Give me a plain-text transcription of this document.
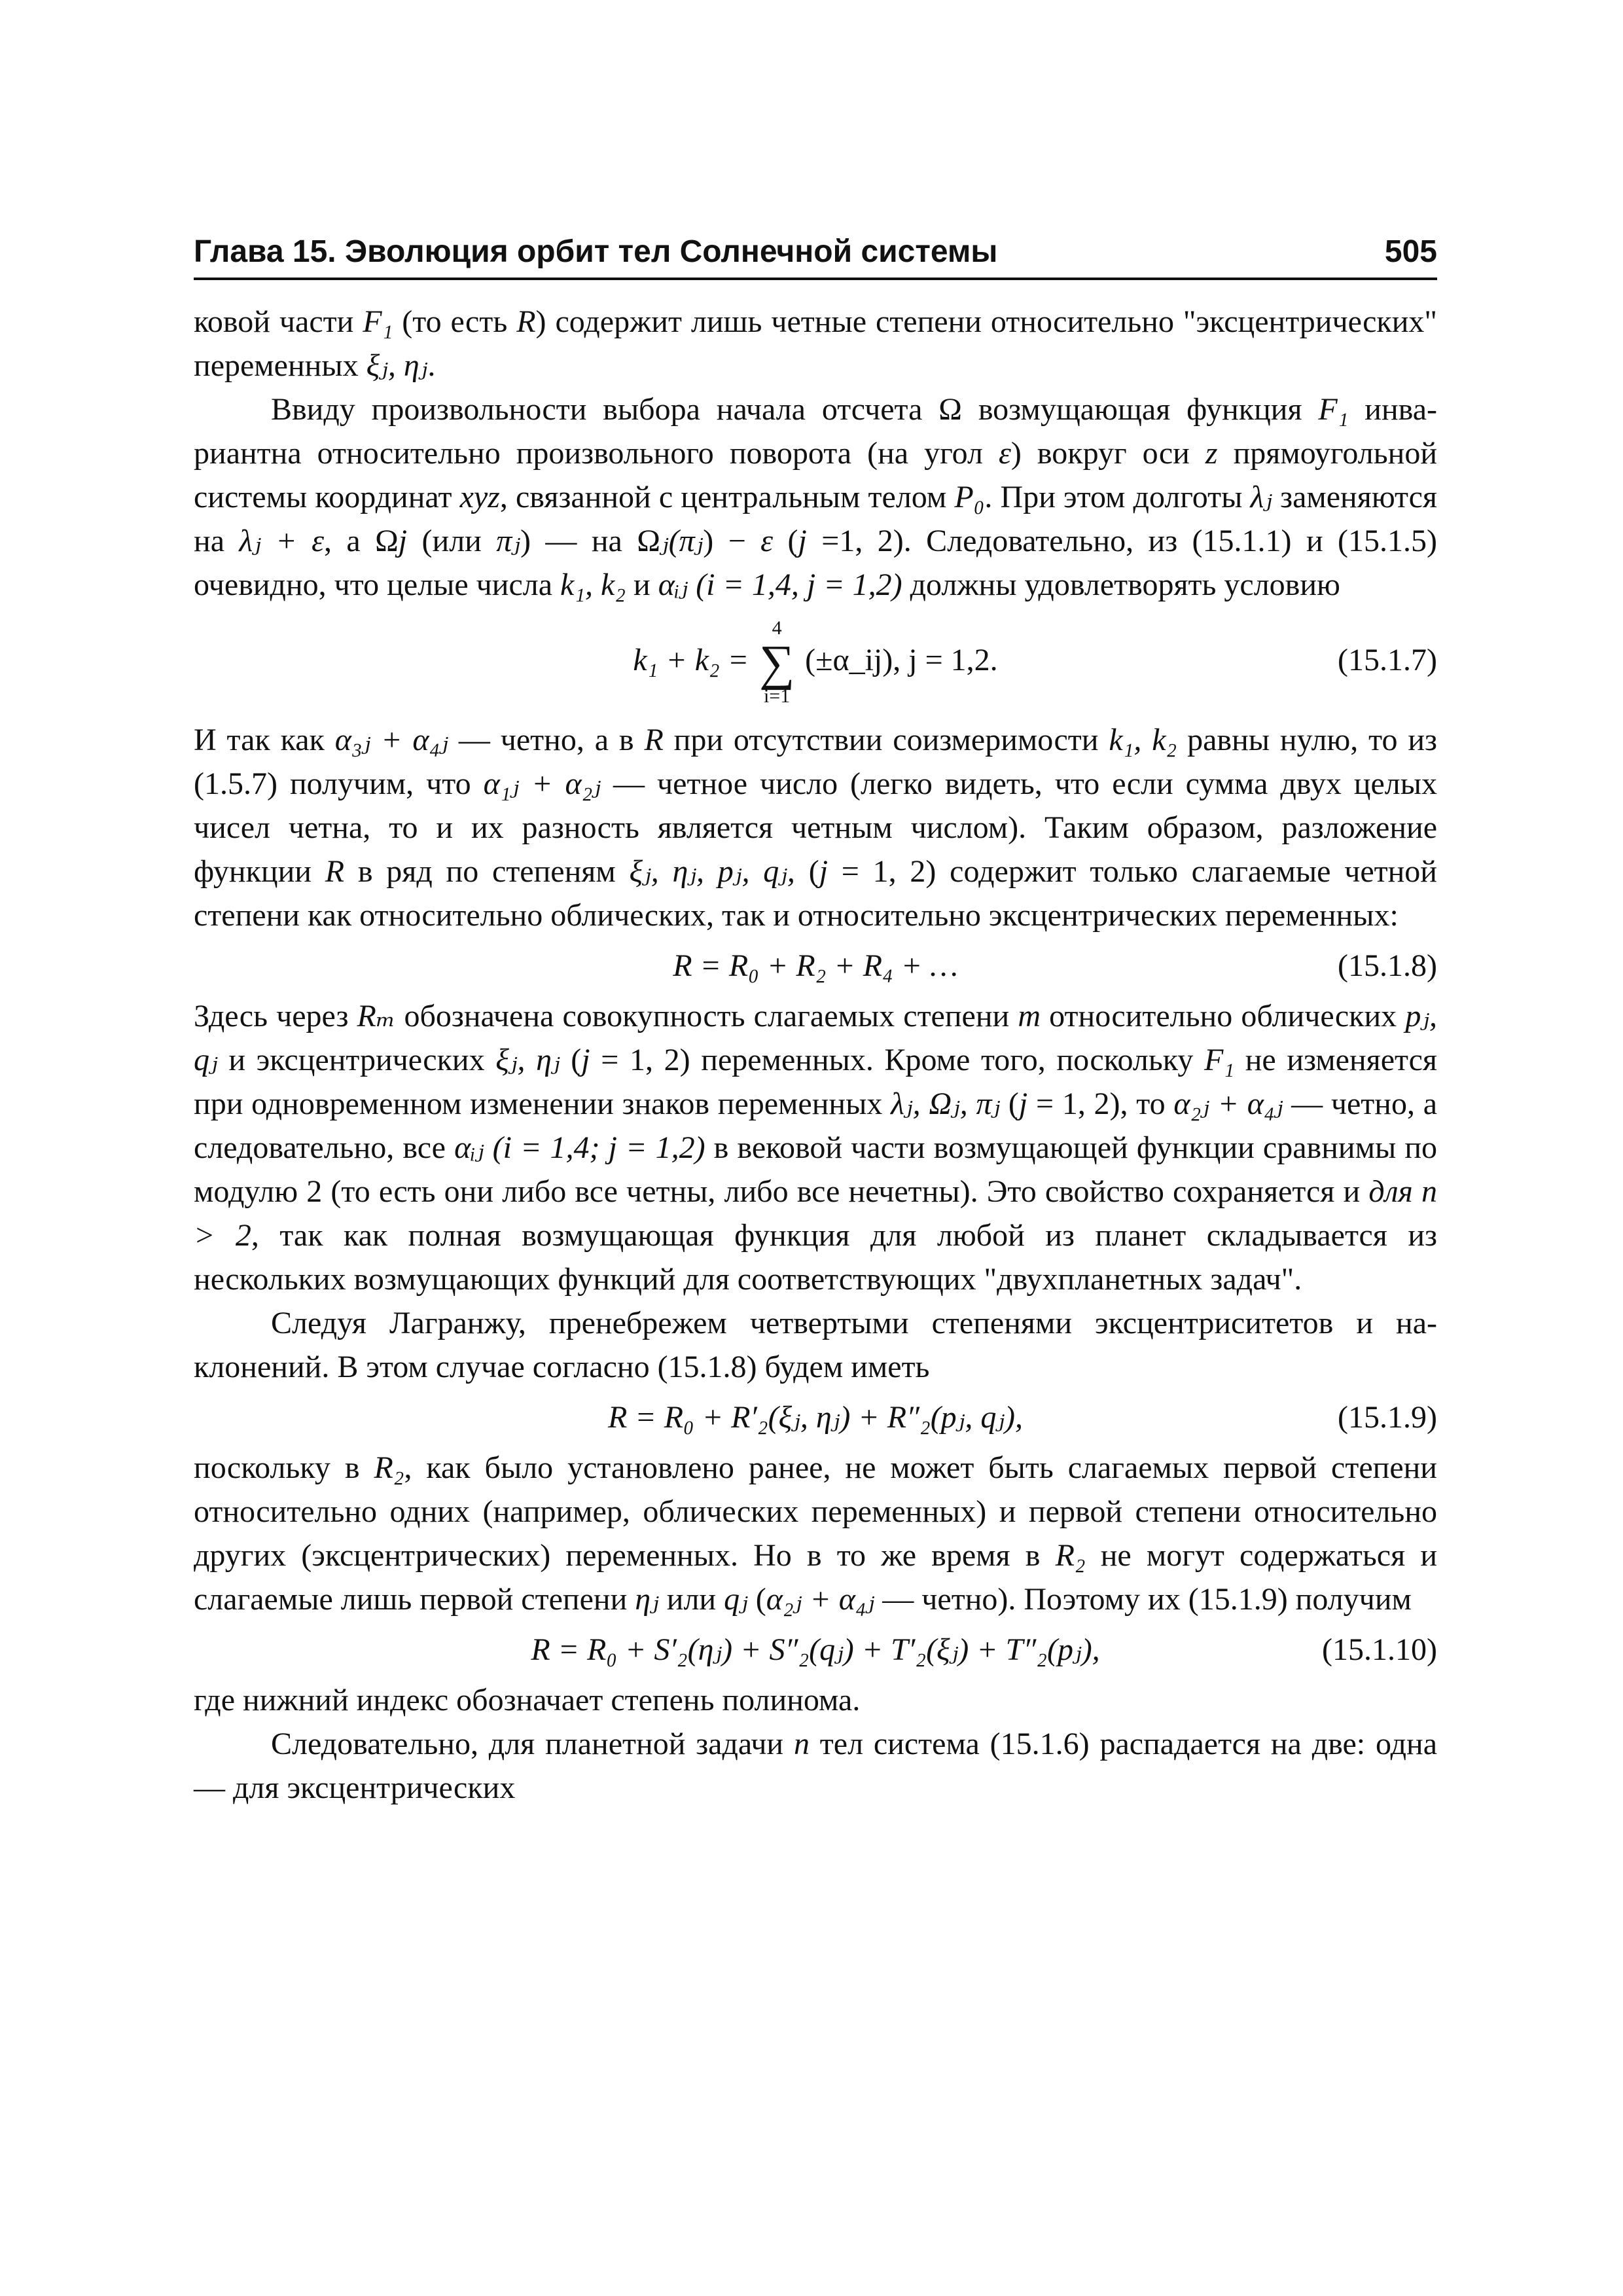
Глава 15. Эволюция орбит тел Солнечной системы	505

ковой части F₁ (то есть R) содержит лишь четные степени относительно "эксцентрических" переменных ξⱼ, ηⱼ.

Ввиду произвольности выбора начала отсчета Ω возмущающая функция F₁ инвариантна относительно произвольного поворота (на угол ε) вокруг оси z прямоугольной системы координат xyz, связанной с центральным телом P₀. При этом долготы λⱼ заменяются на λⱼ + ε, а Ωj (или πⱼ) — на Ωⱼ(πⱼ) − ε (j =1, 2). Следовательно, из (15.1.1) и (15.1.5) очевидно, что целые числа k₁, k₂ и αᵢⱼ (i = 1,4, j = 1,2) должны удовлетворять условию

k₁ + k₂ =
4
∑
i=1
(±α_ij), j = 1,2.	(15.1.7)

И так как α₃ⱼ + α₄ⱼ — четно, а в R при отсутствии соизмеримости k₁, k₂ равны нулю, то из (1.5.7) получим, что α₁ⱼ + α₂ⱼ — четное число (легко видеть, что если сумма двух целых чисел четна, то и их разность является четным числом). Таким образом, разложение функции R в ряд по степеням ξⱼ, ηⱼ, pⱼ, qⱼ, (j = 1, 2) содержит только слагаемые четной степени как относительно облических, так и относительно эксцентрических переменных:

R = R₀ + R₂ + R₄ + …	(15.1.8)

Здесь через Rₘ обозначена совокупность слагаемых степени m относительно облических pⱼ, qⱼ и эксцентрических ξⱼ, ηⱼ (j = 1, 2) переменных. Кроме того, поскольку F₁ не изменяется при одновременном изменении знаков переменных λⱼ, Ωⱼ, πⱼ (j = 1, 2), то α₂ⱼ + α₄ⱼ — четно, а следовательно, все αᵢⱼ (i = 1,4; j = 1,2) в вековой части возмущающей функции сравнимы по модулю 2 (то есть они либо все четны, либо все нечетны). Это свойство сохраняется и для n > 2, так как полная возмущающая функция для любой из планет складывается из нескольких возмущающих функций для соответствующих "двухпланетных задач".

Следуя Лагранжу, пренебрежем четвертыми степенями эксцентриситетов и наклонений. В этом случае согласно (15.1.8) будем иметь

R = R₀ + R′₂(ξⱼ, ηⱼ) + R″₂(pⱼ, qⱼ),	(15.1.9)

поскольку в R₂, как было установлено ранее, не может быть слагаемых первой степени относительно одних (например, облических переменных) и первой степени относительно других (эксцентрических) переменных. Но в то же время в R₂ не могут содержаться и слагаемые лишь первой степени ηⱼ или qⱼ (α₂ⱼ + α₄ⱼ — четно). Поэтому их (15.1.9) получим

R = R₀ + S′₂(ηⱼ) + S″₂(qⱼ) + T′₂(ξⱼ) + T″₂(pⱼ),	(15.1.10)

где нижний индекс обозначает степень полинома.

Следовательно, для планетной задачи n тел система (15.1.6) распадается на две: одна — для эксцентрических
